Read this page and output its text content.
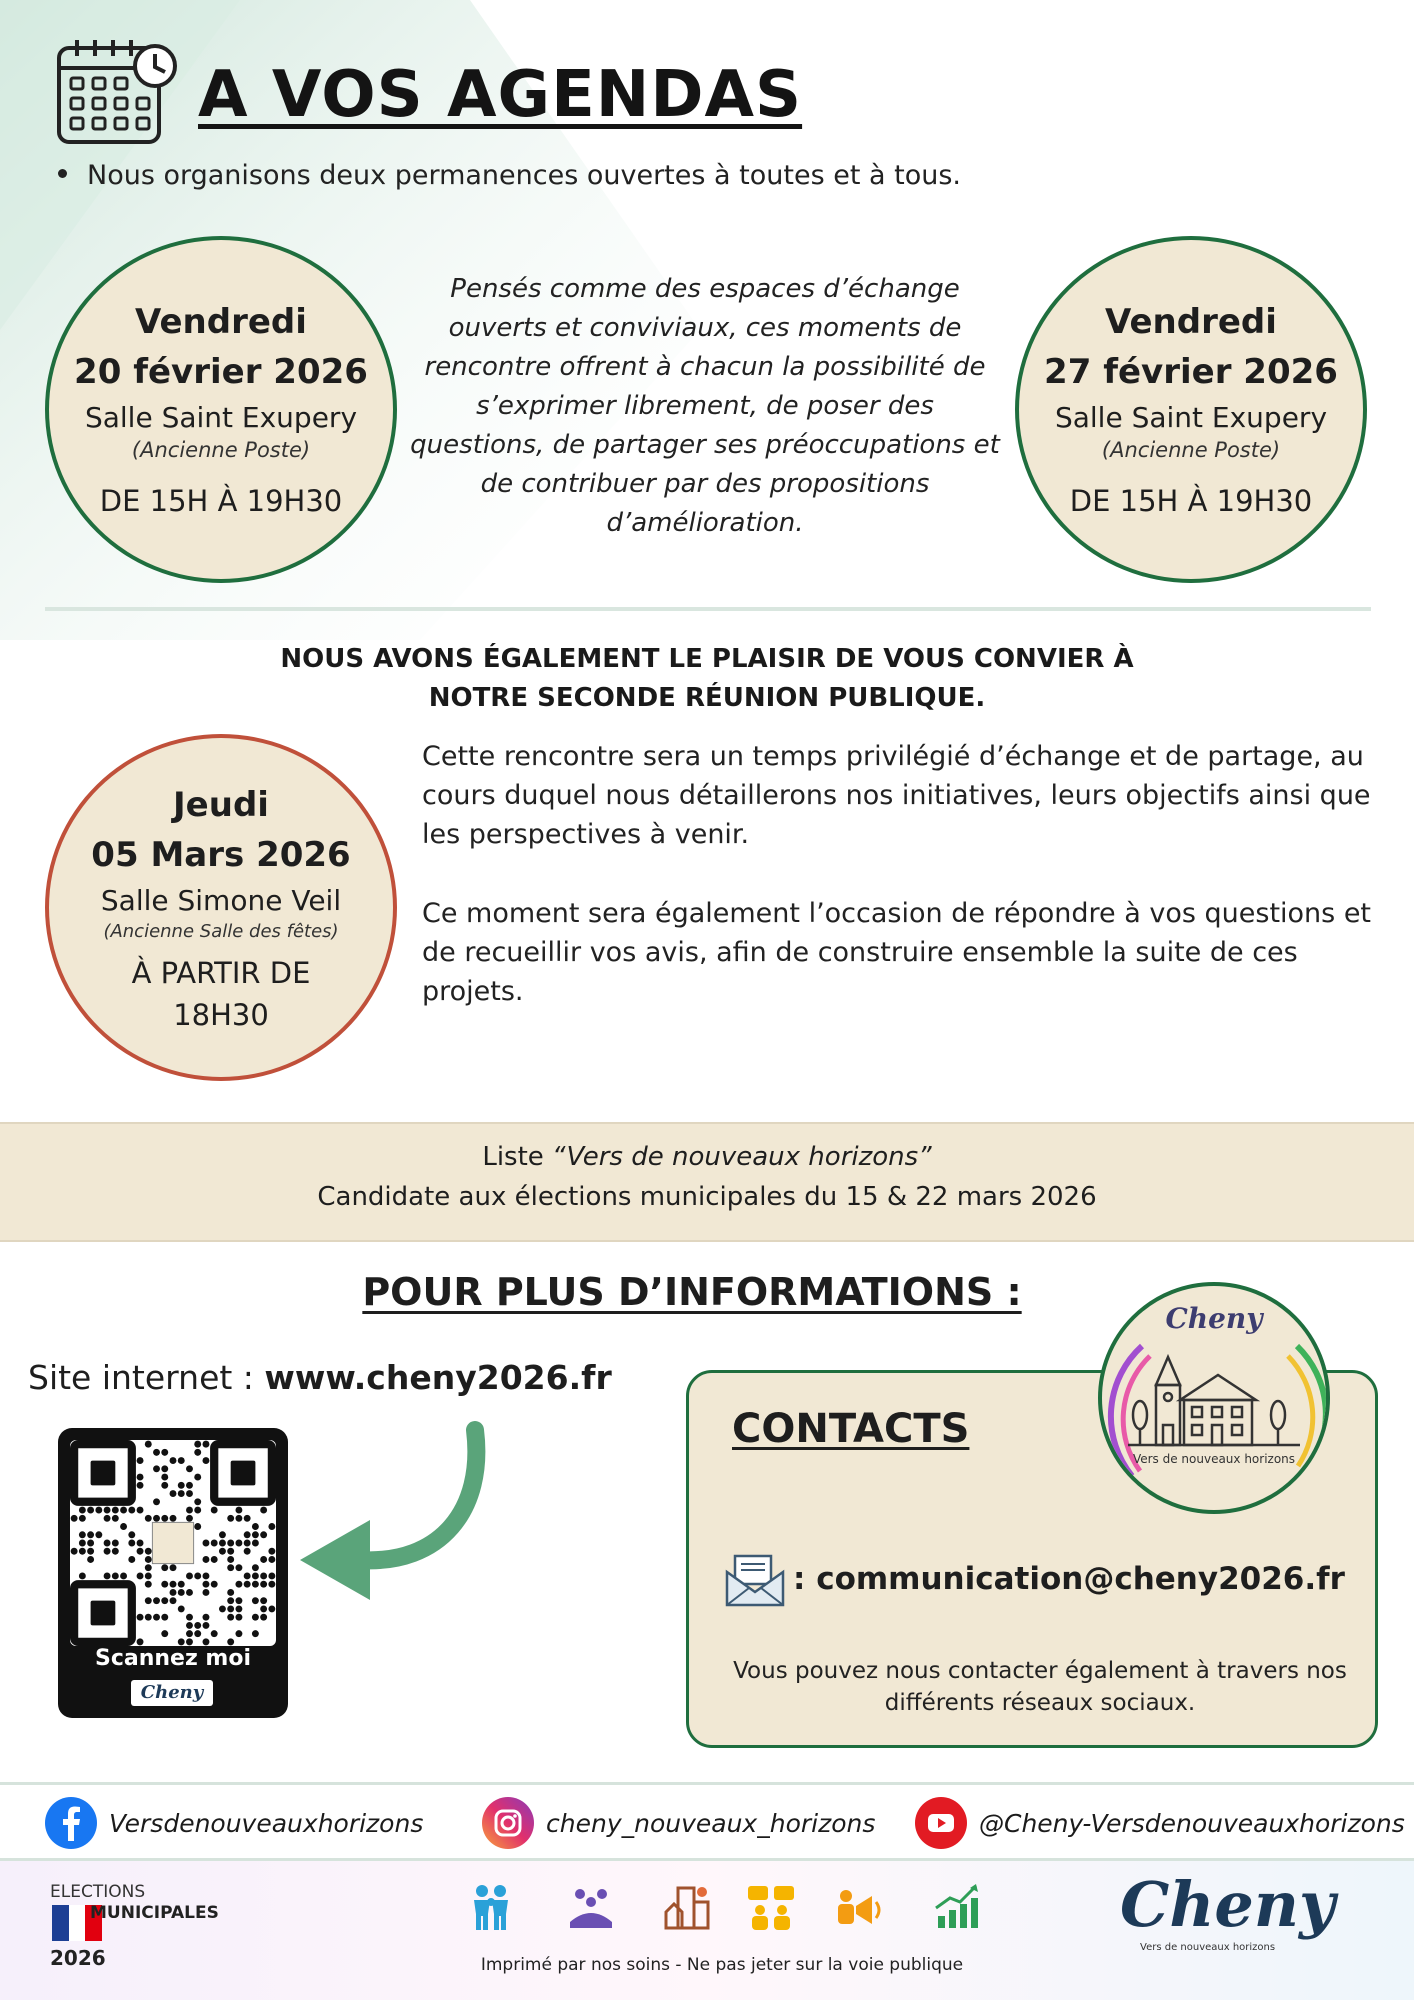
A VOS AGENDAS
Nous organisons deux permanences ouvertes à toutes et à tous.
Vendredi
20 février 2026
Salle Saint Exupery
(Ancienne Poste)
DE 15H À 19H30
Pensés comme des espaces d’échange ouverts et conviviaux, ces moments de rencontre offrent à chacun la possibilité de s’exprimer librement, de poser des questions, de partager ses préoccupations et de contribuer par des propositions d’amélioration.
Vendredi
27 février 2026
Salle Saint Exupery
(Ancienne Poste)
DE 15H À 19H30
NOUS AVONS ÉGALEMENT LE PLAISIR DE VOUS CONVIER À
NOTRE SECONDE RÉUNION PUBLIQUE.
Jeudi
05 Mars 2026
Salle Simone Veil
(Ancienne Salle des fêtes)
À PARTIR DE
18H30
Cette rencontre sera un temps privilégié d’échange et de partage, au cours duquel nous détaillerons nos initiatives, leurs objectifs ainsi que les perspectives à venir.
Ce moment sera également l’occasion de répondre à vos questions et de recueillir vos avis, afin de construire ensemble la suite de ces projets.
Liste “Vers de nouveaux horizons”
Candidate aux élections municipales du 15 & 22 mars 2026
POUR PLUS D’INFORMATIONS :
Site internet : www.cheny2026.fr
Scannez moi
Cheny
CONTACTS
: communication@cheny2026.fr
Vous pouvez nous contacter également à travers nos différents réseaux sociaux.
Cheny
Vers de nouveaux horizons
Versdenouveauxhorizons	cheny_nouveaux_horizons	@Cheny-Versdenouveauxhorizons
ELECTIONS
MUNICIPALES
2026	Imprimé par nos soins - Ne pas jeter sur la voie publique
Cheny
Vers de nouveaux horizons
